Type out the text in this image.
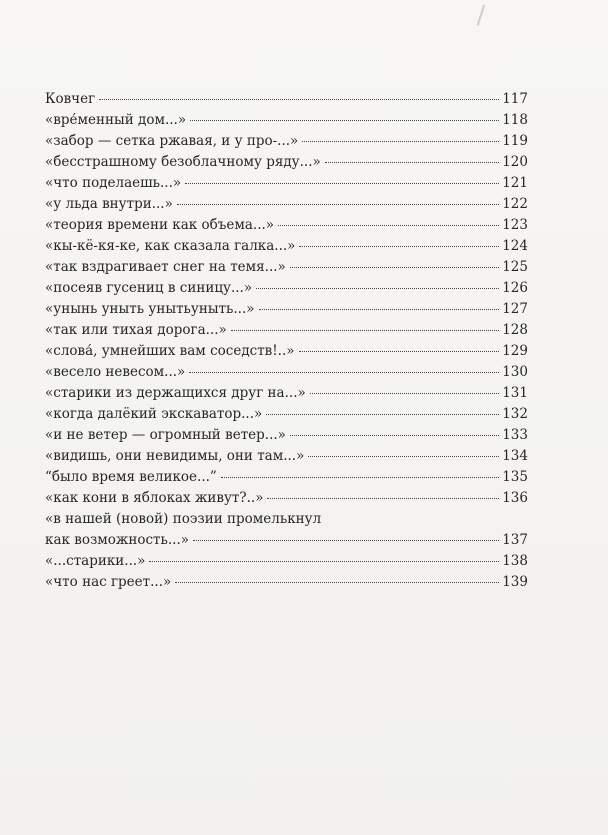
Ковчег	117
«вре́менный дом...»	118
«забор — сетка ржавая, и у про-...»	119
«бесстрашному безоблачному ряду...»	120
«что поделаешь...»	121
«у льда внутри...»	122
«теория времени как объема...»	123
«кы-кё-кя-ке, как сказала галка...»	124
«так вздрагивает снег на темя...»	125
«посеяв гусениц в синицу...»	126
«унынь уныть унытьуныть...»	127
«так или тихая дорога...»	128
«слова́, умнейших вам соседств!..»	129
«весело невесом...»	130
«старики из держащихся друг на...»	131
«когда далёкий экскаватор...»	132
«и не ветер — огромный ветер...»	133
«видишь, они невидимы, они там...»	134
“было время великое...”	135
«как кони в яблоках живут?..»	136
«в нашей (новой) поэзии промелькнул
как возможность...»	137
«...старики...»	138
«что нас греет...»	139
